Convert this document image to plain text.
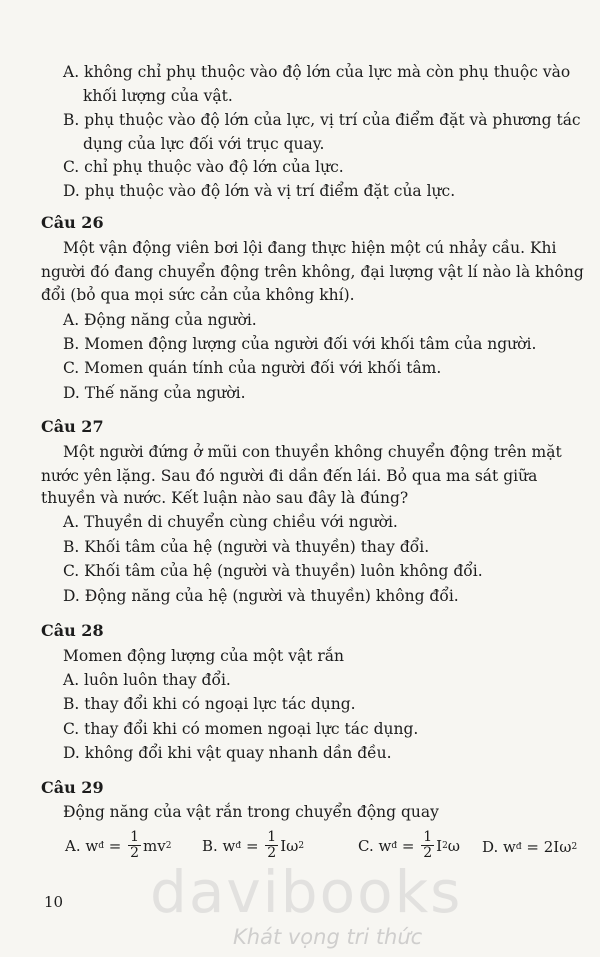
A. không chỉ phụ thuộc vào độ lớn của lực mà còn phụ thuộc vào
khối lượng của vật.
B. phụ thuộc vào độ lớn của lực, vị trí của điểm đặt và phương tác
dụng của lực đối với trục quay.
C. chỉ phụ thuộc vào độ lớn của lực.
D. phụ thuộc vào độ lớn và vị trí điểm đặt của lực.
Câu 26
Một vận động viên bơi lội đang thực hiện một cú nhảy cầu. Khi
người đó đang chuyển động trên không, đại lượng vật lí nào là không
đổi (bỏ qua mọi sức cản của không khí).
A. Động năng của người.
B. Momen động lượng của người đối với khối tâm của người.
C. Momen quán tính của người đối với khối tâm.
D. Thế năng của người.
Câu 27
Một người đứng ở mũi con thuyền không chuyển động trên mặt
nước yên lặng. Sau đó người đi dần đến lái. Bỏ qua ma sát giữa
thuyền và nước. Kết luận nào sau đây là đúng?
A. Thuyền di chuyển cùng chiều với người.
B. Khối tâm của hệ (người và thuyền) thay đổi.
C. Khối tâm của hệ (người và thuyền) luôn không đổi.
D. Động năng của hệ (người và thuyền) không đổi.
Câu 28
Momen động lượng của một vật rắn
A. luôn luôn thay đổi.
B. thay đổi khi có ngoại lực tác dụng.
C. thay đổi khi có momen ngoại lực tác dụng.
D. không đổi khi vật quay nhanh dần đều.
Câu 29
Động năng của vật rắn trong chuyển động quay
A. w đ = $\frac{1}{2}$ mv 2 B. w đ = $\frac{1}{2}$ Iω 2	C. w đ = $\frac{1}{2}$ I 2 ω D. w đ
= 2Iω 2
10 davibooks
Khát vọng tri thức
